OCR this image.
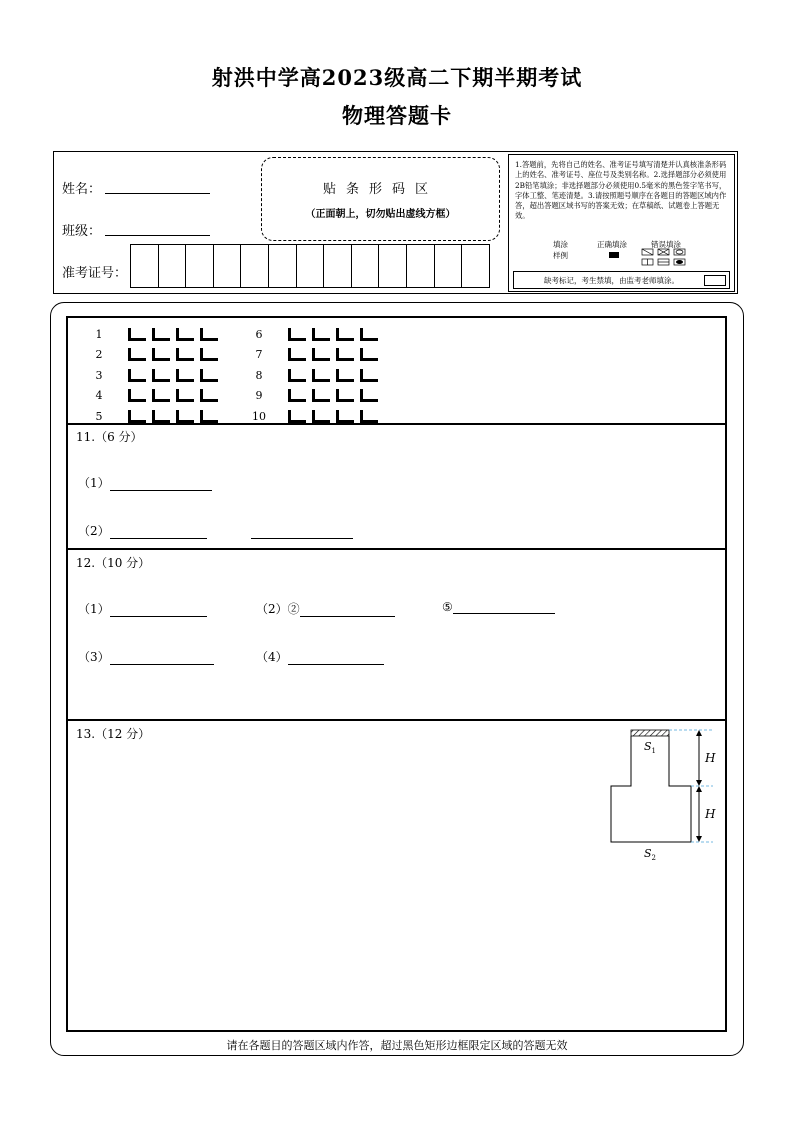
射洪中学高2023级高二下期半期考试
物理答题卡
姓名：
班级：
准考证号：
贴条形码区
（正面朝上，切勿贴出虚线方框）
1.答题前，先将自己的姓名、准考证号填写清楚并认真核准条形码上的姓名、准考证号、座位号及类别名称。2.选择题部分必须使用2B铅笔填涂；非选择题部分必须使用0.5毫米的黑色签字笔书写，字体工整、笔迹清楚。3.请按照题号顺序在各题目的答题区域内作答，超出答题区域书写的答案无效；在草稿纸、试题卷上答题无效。
填涂
样例
正确填涂	错误填涂
缺考标记，考生禁填，由监考老师填涂。
1
2
3
4
5
6
7
8
9
10
11.（6 分）
（1）
（2）
12.（10 分）
（1）	（2）②	⑤
（3）	（4）
13.（12 分）
H
H
$S_1$
$S_2$
请在各题目的答题区域内作答，超过黑色矩形边框限定区域的答题无效
